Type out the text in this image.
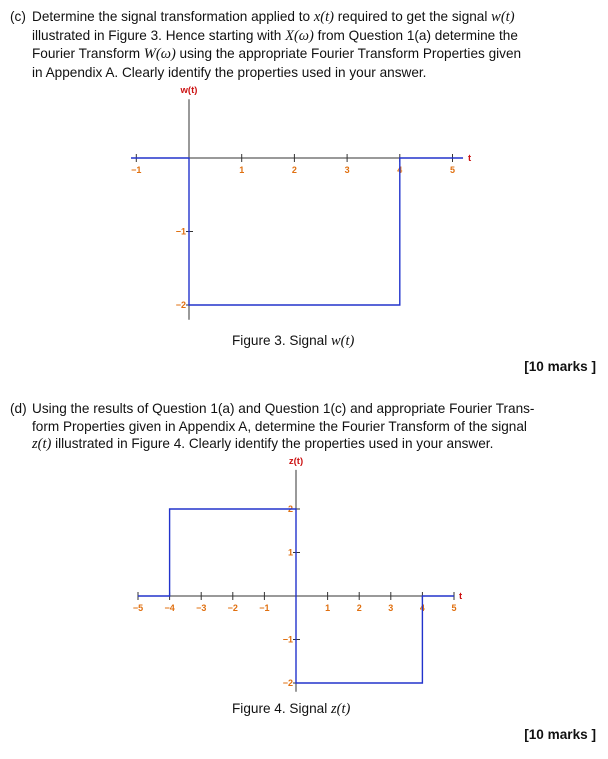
(c) Determine the signal transformation applied to x(t) required to get the signal w(t)
illustrated in Figure 3. Hence starting with X(ω) from Question 1(a) determine the
Fourier Transform W(ω) using the appropriate Fourier Transform Properties given
in Appendix A. Clearly identify the properties used in your answer.
−1	1	2	3	4	5
−1
−2
w(t)
t
Figure 3. Signal w(t)
[10 marks ]
(d) Using the results of Question 1(a) and Question 1(c) and appropriate Fourier Trans-
form Properties given in Appendix A, determine the Fourier Transform of the signal
z(t) illustrated in Figure 4. Clearly identify the properties used in your answer.
−5 −4 −3 −2 −1	1	2	3	4	5
2
1
−1
−2
z(t)
t
Figure 4. Signal z(t)
[10 marks ]
